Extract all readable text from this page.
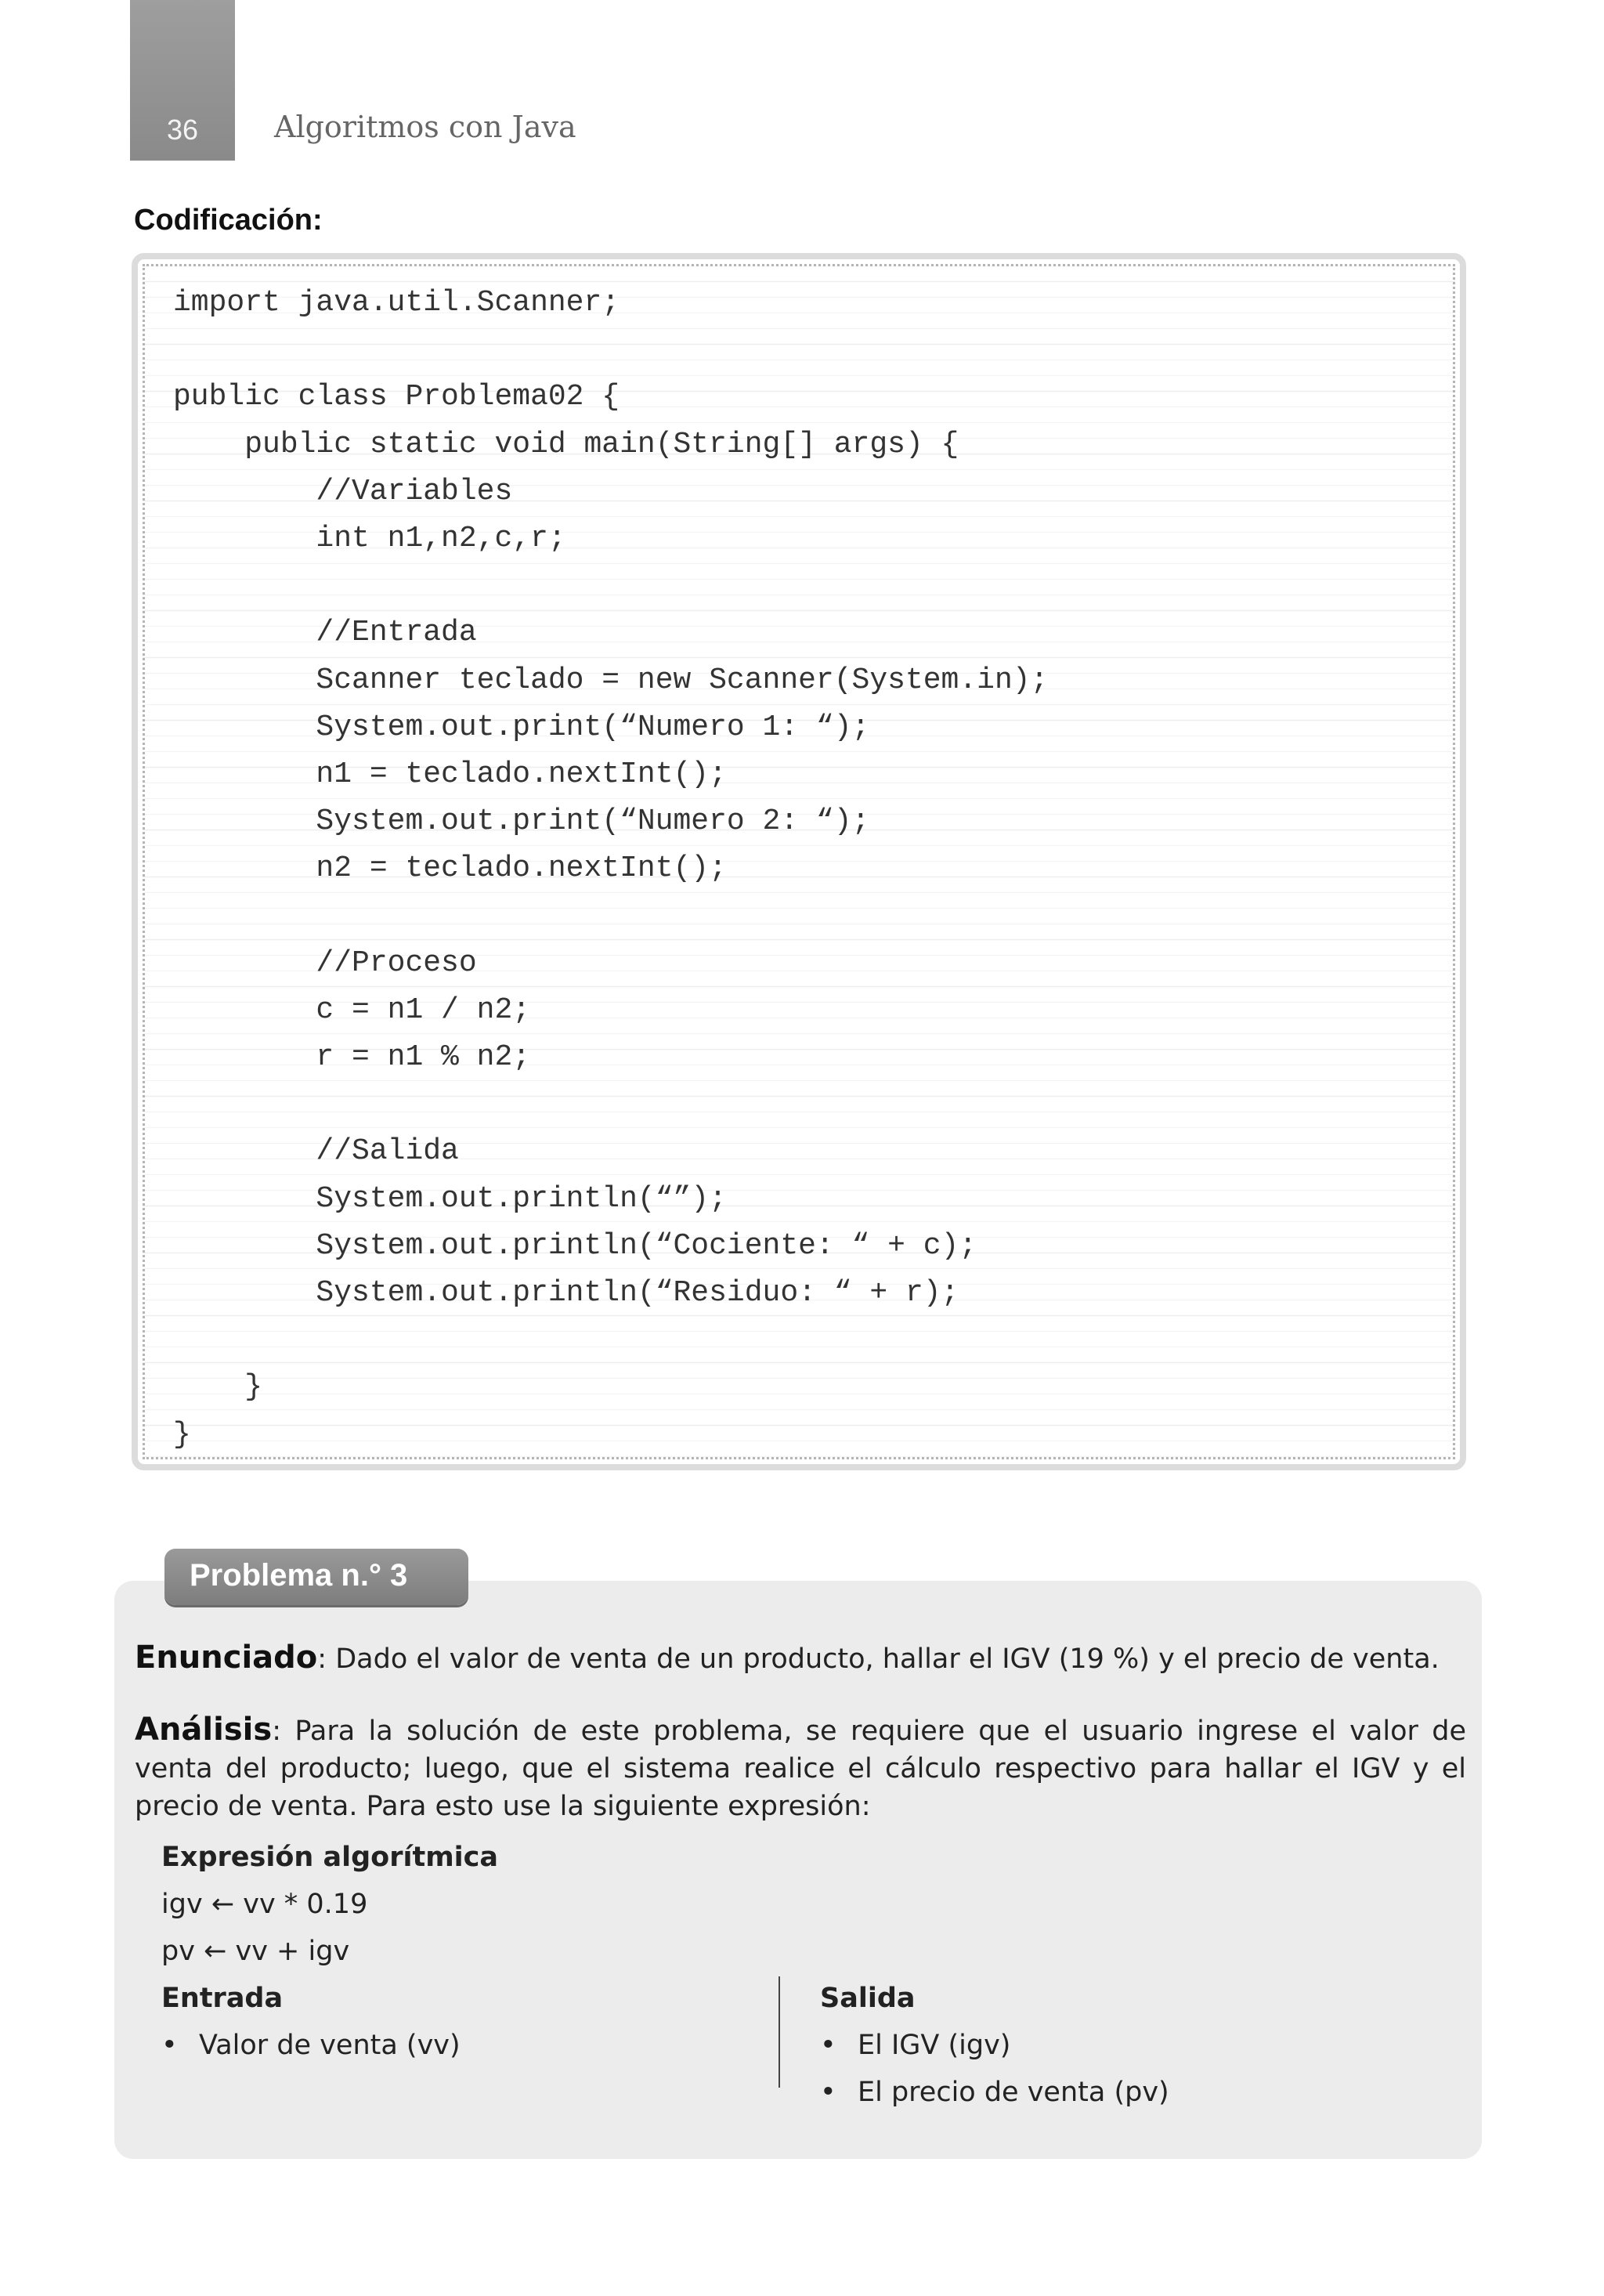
36	Algoritmos con Java
Codificación:
import java.util.Scanner;
public class Problema02 {
public static void main(String[] args) {
//Variables
int n1,n2,c,r;
//Entrada
Scanner teclado = new Scanner(System.in);
System.out.print(“Numero 1: “);
n1 = teclado.nextInt();
System.out.print(“Numero 2: “);
n2 = teclado.nextInt();
//Proceso
c = n1 / n2;
r = n1 % n2;
//Salida
System.out.println(“”);
System.out.println(“Cociente: “ + c);
System.out.println(“Residuo: “ + r);
}
}
Problema n.° 3
Enunciado: Dado el valor de venta de un producto, hallar el IGV (19 %) y el precio de venta.
Análisis: Para la solución de este problema, se requiere que el usuario ingrese el valor de venta del producto; luego, que el sistema realice el cálculo respectivo para hallar el IGV y el precio de venta. Para esto use la siguiente expresión:
Expresión algorítmica
igv ← vv * 0.19
pv ← vv + igv
Entrada
• Valor de venta (vv)
Salida
• El IGV (igv)
• El precio de venta (pv)
